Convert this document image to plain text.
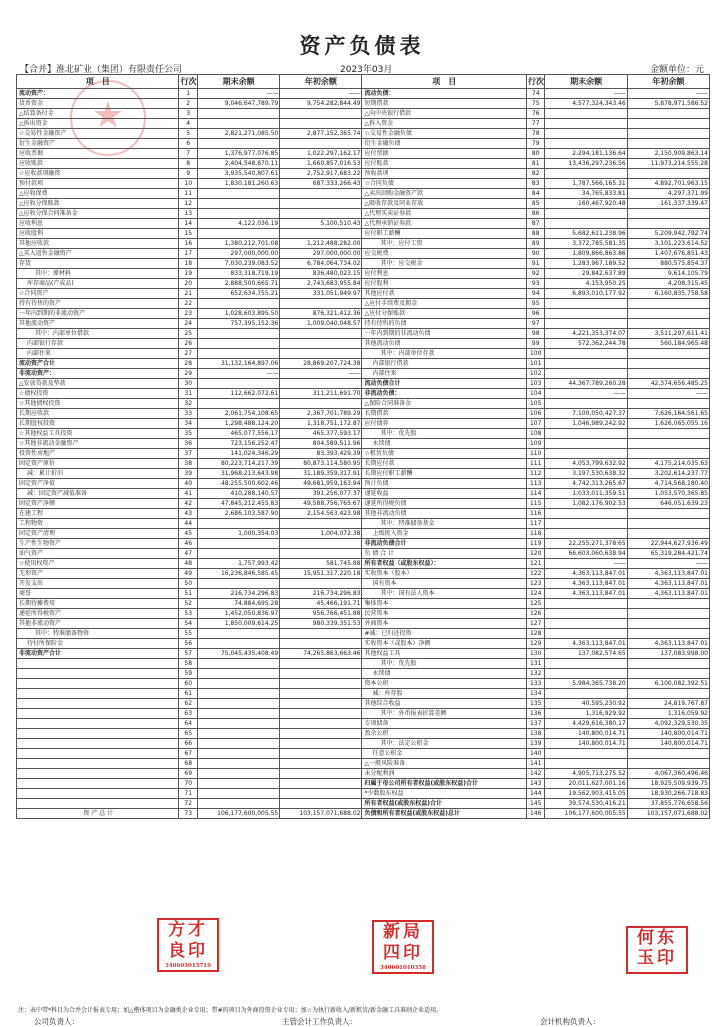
资产负债表
【合并】淮北矿业（集团）有限责任公司	2023年03月	金额单位：元
★
项　目	行次	期末余额	年初余额	项　目	行次	期末余额	年初余额
流动资产：	1	——	——	流动负债：	74	——	——
货币资金	2	9,046,647,789.79	9,754,282,844.49	短期借款	75	4,577,324,343.46	5,878,971,586.52
△结算备付金	3			△向中央银行借款	76		
△拆出资金	4			△拆入资金	77		
☆交易性金融资产	5	2,821,271,085.50	2,877,152,365.74	☆交易性金融负债	78		
衍生金融资产	6			衍生金融负债	79		
应收票据	7	1,376,977,076.85	1,022,297,162.17	应付票据	80	2,294,181,136.64	2,150,909,863.14
应收账款	8	2,404,548,870.11	1,660,857,016.53	应付账款	81	13,436,297,236.56	11,973,214,555.28
☆应收款项融资	9	3,935,540,807.61	2,752,917,683.22	预收款项	82		
预付款项	10	1,830,181,260.63	687,333,266.43	☆合同负债	83	1,787,566,165.31	4,892,701,963.15
△应收保费	11			△卖出回购金融资产款	84	34,765,833.81	4,297,371.99
△应收分保账款	12			△吸收存款及同业存放	85	160,467,920.48	161,337,339.47
△应收分保合同准备金	13			△代理买卖证券款	86		
应收利息	14	4,122,036.19	5,100,510.43	△代理承销证券款	87		
应收股利	15			应付职工薪酬	88	5,682,611,238.96	5,209,942,792.74
其他应收款	16	1,380,212,701.08	1,212,488,282.00	其中：应付工资	89	3,372,785,581.35	3,101,223,614.52
△买入返售金融资产	17	297,000,000.00	297,000,000.00	应交税费	90	1,809,866,863.86	1,407,676,851.43
存货	18	7,030,239,083.52	6,784,064,734.02	其中：应交税金	91	1,283,967,189.52	880,575,854.37
其中：原材料	19	833,318,719.19	836,480,023.15	应付利息	92	29,842,637.89	9,614,105.79
库存商品(产成品)	20	2,888,500,665.71	2,743,683,955.84	应付股利	93	4,153,950.25	4,208,315.45
☆合同资产	21	652,634,755.21	331,051,949.97	其他应付款	94	6,893,010,177.92	6,160,835,758.58
持有待售的资产	22			△应付手续费及佣金	95		
一年内到期的非流动资产	23	1,028,603,895.50	876,321,412.36	△应付分保账款	96		
其他流动资产	24	757,395,152.36	1,009,040,048.57	持有待售的负债	97		
其中：内部单位借款	25			一年内到期的非流动负债	98	4,221,353,374.07	3,511,297,611.41
内部银行存款	26			其他流动负债	99	572,362,244.78	560,184,965.48
内部往来	27			其中：内部单位存款	100		
流动资产合计	28	31,132,164,897.06	28,869,207,724.38	内部银行借款	101		
非流动资产：	29	——	——	内部往来	102		
△发放贷款及垫款	30			流动负债合计	103	44,367,789,260.28	42,374,656,485.25
☆债权投资	31	112,662,072.61	311,211,691.70	非流动负债：	104	——	——
☆其他债权投资	32			△保险合同准备金	105		
长期应收款	33	2,061,754,108.65	2,367,701,789.29	长期借款	106	7,100,050,427.37	7,626,164,561.65
长期股权投资	34	1,298,488,124.20	1,318,751,172.87	应付债券	107	1,046,989,242.92	1,626,065,055.16
☆其他权益工具投资	35	465,077,556.17	465,377,593.17	其中：优先股	108		
☆其他非流动金融资产	36	723,156,252.47	804,589,511.96	永续债	109		
投资性房地产	37	141,024,346.29	83,393,429.39	☆租赁负债	110		
固定资产原价	38	80,223,714,217.39	80,873,114,580.95	长期应付款	111	4,053,799,632.92	4,175,214,035.63
减：累计折旧	39	31,968,213,643.98	31,189,359,317.91	长期应付职工薪酬	112	3,197,530,638.32	3,202,614,237.77
固定资产净值	40	48,255,500,602.46	49,681,959,163.94	预计负债	113	4,742,313,265.67	4,714,568,180.40
减：固定资产减值准备	41	410,288,140.57	391,256,077.37	递延收益	114	1,033,011,359.51	1,053,570,365.85
固定资产净额	42	47,845,212,455.83	49,588,756,765.67	递延所得税负债	115	1,082,176,902.53	646,051,639.23
在建工程	43	2,686,103,587.90	2,154,563,423.98	其他非流动负债	116		
工程物资	44			其中：特准储备基金	117		
固定资产清理	45	1,000,354.03	1,004,072.38	上级拨入资金	118		
生产性生物资产	46			非流动负债合计	119	22,255,271,378.65	22,944,627,936.49
油气资产	47			负 债 合 计	120	66,603,060,638.94	65,319,284,421.74
☆使用权资产	48	1,757,993.42	581,745.88	所有者权益（或股东权益）：	121	——	——
无形资产	49	16,236,846,585.45	15,951,317,220.18	实收资本（股本）	122	4,363,113,847.01	4,363,113,847.01
开发支出	50			国有资本	123	4,363,113,847.01	4,363,113,847.01
商誉	51	216,734,296.83	216,734,296.83	其中：国有法人资本	124	4,363,113,847.01	4,363,113,847.01
长期待摊费用	52	74,884,695.28	45,466,191.71	集体资本	125		
递延所得税资产	53	1,452,050,836.97	956,766,451.88	民营资本	126		
其他非流动资产	54	1,850,009,614.25	980,339,351.53	外商资本	127		
其中：特准储备物资	55			#减：已归还投资	128		
待付所保险金	56			实收资本（或股本）净额	129	4,363,113,847.01	4,363,113,847.01
非流动资产合计	57	75,045,435,408.49	74,265,863,663.46	其他权益工具	130	137,082,574.65	137,083,998.00
	58			其中：优先股	131		
	59			永续债	132		
	60			资本公积	133	5,984,365,738.20	6,100,082,392.51
	61			减：库存股	134		
	62			其他综合收益	135	40,595,230.92	24,819,767.87
	63			其中：外币报表折算差额	136	1,316,929.92	1,316,059.92
	64			专项储备	137	4,429,616,380.17	4,092,329,530.35
	65			盈余公积	138	140,800,014.71	140,800,014.71
	66			其中：法定公积金	139	140,800,014.71	140,800,014.71
	67			任意公积金	140		
	68			△一般风险准备	141		
	69			未分配利润	142	4,905,713,275.52	4,067,360,496.46
	70			归属于母公司所有者权益(或股东权益)合计	143	20,011,627,001.16	18,925,509,939.75
	71			*少数股东权益	144	19,562,903,415.05	18,930,266,718.83
	72			所有者权益(或股东权益)合计	145	39,574,530,416.21	37,855,776,658.56
资 产 总 计	73	106,177,600,005.55	103,157,071,688.02	负债和所有者权益(或股东权益)总计	146	106,177,600,005.55	103,157,071,688.02
注：表中带*科目为合并会计报表专用；加△楷体项目为金融类企业专用；带#的项目为外商投资企业专用；加☆为执行新收入/新租赁/新金融工具准则企业适用。
公司负责人：	主管会计工作负责人：	会计机构负责人：
方才良印
340603015719
新局四印
340601010358
何东玉印
